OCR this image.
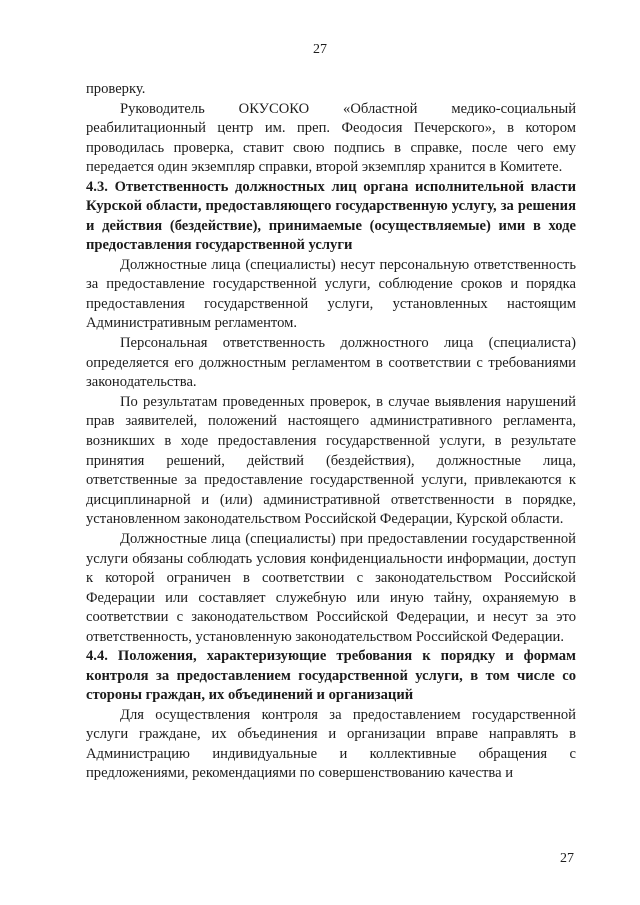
27

проверку.

Руководитель ОКУСОКО «Областной медико-социальный реабилитационный центр им. преп. Феодосия Печерского», в котором проводилась проверка, ставит свою подпись в справке, после чего ему передается один экземпляр справки, второй экземпляр хранится в Комитете.

4.3. Ответственность должностных лиц органа исполнительной власти Курской области, предоставляющего государственную услугу, за решения и действия (бездействие), принимаемые (осуществляемые) ими в ходе предоставления государственной услуги

Должностные лица (специалисты) несут персональную ответственность за предоставление государственной услуги, соблюдение сроков и порядка предоставления государственной услуги, установленных настоящим Административным регламентом.

Персональная ответственность должностного лица (специалиста) определяется его должностным регламентом в соответствии с требованиями законодательства.

По результатам проведенных проверок, в случае выявления нарушений прав заявителей, положений настоящего административного регламента, возникших в ходе предоставления государственной услуги, в результате принятия решений, действий (бездействия), должностные лица, ответственные за предоставление государственной услуги, привлекаются к дисциплинарной и (или) административной ответственности в порядке, установленном законодательством Российской Федерации, Курской области.

Должностные лица (специалисты) при предоставлении государственной услуги обязаны соблюдать условия конфиденциальности информации, доступ к которой ограничен в соответствии с законодательством Российской Федерации или составляет служебную или иную тайну, охраняемую в соответствии с законодательством Российской Федерации, и несут за это ответственность, установленную законодательством Российской Федерации.

4.4. Положения, характеризующие требования к порядку и формам контроля за предоставлением государственной услуги, в том числе со стороны граждан, их объединений и организаций

Для осуществления контроля за предоставлением государственной услуги граждане, их объединения и организации вправе направлять в Администрацию индивидуальные и коллективные обращения с предложениями, рекомендациями по совершенствованию качества и

27
